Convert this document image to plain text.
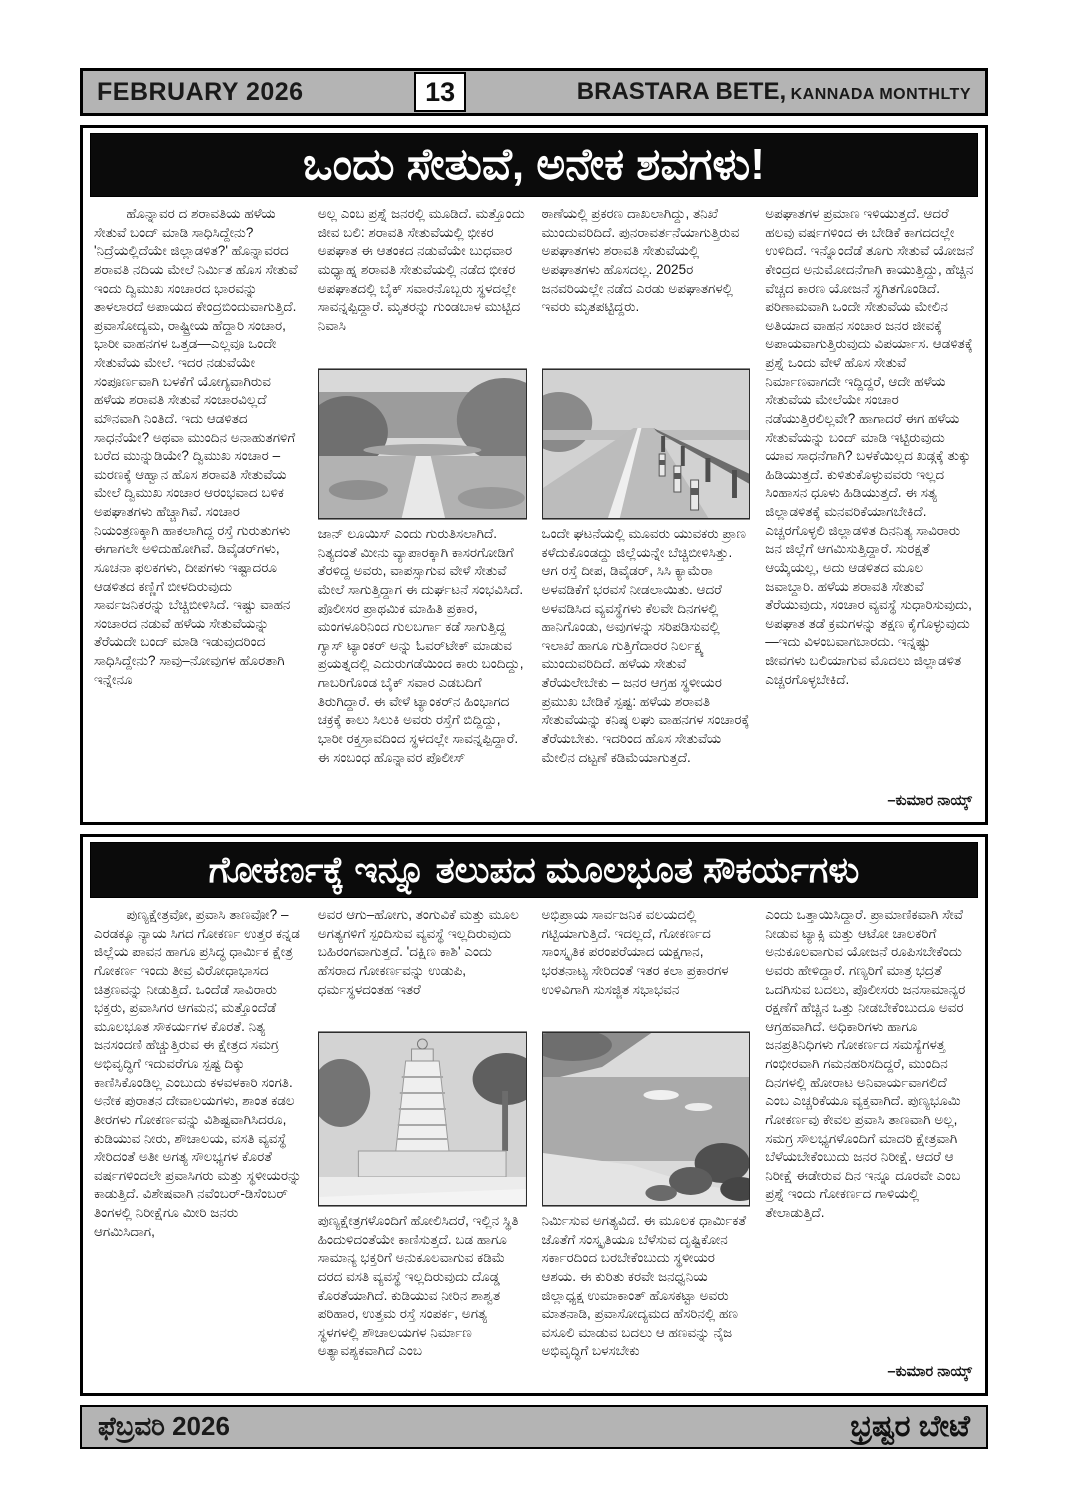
FEBRUARY 2026	13	BRASTARA BETE, KANNADA MONTHLTY
ಒಂದು ಸೇತುವೆ, ಅನೇಕ ಶವಗಳು!
ಹೊನ್ನಾವರ ದ ಶರಾವತಿಯ ಹಳೆಯ ಸೇತುವೆ ಬಂದ್ ಮಾಡಿ ಸಾಧಿಸಿದ್ದೇನು? 'ನಿದ್ರೆಯಲ್ಲಿದೆಯೇ ಜಿಲ್ಲಾಡಳಿತ?' ಹೊನ್ನಾವರದ ಶರಾವತಿ ನದಿಯ ಮೇಲೆ ನಿರ್ಮಿತ ಹೊಸ ಸೇತುವೆ ಇಂದು ದ್ವಿಮುಖ ಸಂಚಾರದ ಭಾರವನ್ನು ತಾಳಲಾರದೆ ಅಪಾಯದ ಕೇಂದ್ರಬಿಂದುವಾಗುತ್ತಿದೆ. ಪ್ರವಾಸೋದ್ಯಮ, ರಾಷ್ಟ್ರೀಯ ಹೆದ್ದಾರಿ ಸಂಚಾರ, ಭಾರೀ ವಾಹನಗಳ ಒತ್ತಡ—ಎಲ್ಲವೂ ಒಂದೇ ಸೇತುವೆಯ ಮೇಲೆ. ಇದರ ನಡುವೆಯೇ ಸಂಪೂರ್ಣವಾಗಿ ಬಳಕೆಗೆ ಯೋಗ್ಯವಾಗಿರುವ ಹಳೆಯ ಶರಾವತಿ ಸೇತುವೆ ಸಂಚಾರವಿಲ್ಲದೆ ಮೌನವಾಗಿ ನಿಂತಿದೆ. ಇದು ಆಡಳಿತದ ಸಾಧನೆಯೇ? ಅಥವಾ ಮುಂದಿನ ಅನಾಹುತಗಳಿಗೆ ಬರೆದ ಮುನ್ನುಡಿಯೇ? ದ್ವಿಮುಖ ಸಂಚಾರ – ಮರಣಕ್ಕೆ ಆಹ್ವಾನ ಹೊಸ ಶರಾವತಿ ಸೇತುವೆಯ ಮೇಲೆ ದ್ವಿಮುಖ ಸಂಚಾರ ಆರಂಭವಾದ ಬಳಿಕ ಅಪಘಾತಗಳು ಹೆಚ್ಚಾಗಿವೆ. ಸಂಚಾರ ನಿಯಂತ್ರಣಕ್ಕಾಗಿ ಹಾಕಲಾಗಿದ್ದ ರಸ್ತೆ ಗುರುತುಗಳು ಈಗಾಗಲೇ ಅಳಿದುಹೋಗಿವೆ. ಡಿವೈಡರ್‌ಗಳು, ಸೂಚನಾ ಫಲಕಗಳು, ದೀಪಗಳು ಇಷ್ಟಾದರೂ ಆಡಳಿತದ ಕಣ್ಣಿಗೆ ಬೀಳದಿರುವುದು ಸಾರ್ವಜನಿಕರನ್ನು ಬೆಚ್ಚಿಬೀಳಿಸಿದೆ. ಇಷ್ಟು ವಾಹನ ಸಂಚಾರದ ನಡುವೆ ಹಳೆಯ ಸೇತುವೆಯನ್ನು ತೆರೆಯದೇ ಬಂದ್ ಮಾಡಿ ಇಡುವುದರಿಂದ ಸಾಧಿಸಿದ್ದೇನು? ಸಾವು–ನೋವುಗಳ ಹೊರತಾಗಿ ಇನ್ನೇನೂ
ಅಲ್ಲ ಎಂಬ ಪ್ರಶ್ನೆ ಜನರಲ್ಲಿ ಮೂಡಿದೆ. ಮತ್ತೊಂದು ಜೀವ ಬಲಿ: ಶರಾವತಿ ಸೇತುವೆಯಲ್ಲಿ ಭೀಕರ ಅಪಘಾತ ಈ ಆತಂಕದ ನಡುವೆಯೇ ಬುಧವಾರ ಮಧ್ಯಾಹ್ನ ಶರಾವತಿ ಸೇತುವೆಯಲ್ಲಿ ನಡೆದ ಭೀಕರ ಅಪಘಾತದಲ್ಲಿ ಬೈಕ್ ಸವಾರನೊಬ್ಬರು ಸ್ಥಳದಲ್ಲೇ ಸಾವನ್ನಪ್ಪಿದ್ದಾರೆ. ಮೃತರನ್ನು ಗುಂಡಬಾಳ ಮುಟ್ಟಿದ ನಿವಾಸಿ
ಜಾನ್ ಲೂಯಿಸ್ ಎಂದು ಗುರುತಿಸಲಾಗಿದೆ. ನಿತ್ಯದಂತೆ ಮೀನು ವ್ಯಾಪಾರಕ್ಕಾಗಿ ಕಾಸರಗೋಡಿಗೆ ತೆರಳಿದ್ದ ಅವರು, ವಾಪಸ್ಸಾಗುವ ವೇಳೆ ಸೇತುವೆ ಮೇಲೆ ಸಾಗುತ್ತಿದ್ದಾಗ ಈ ದುರ್ಘಟನೆ ಸಂಭವಿಸಿದೆ. ಪೊಲೀಸರ ಪ್ರಾಥಮಿಕ ಮಾಹಿತಿ ಪ್ರಕಾರ, ಮಂಗಳೂರಿನಿಂದ ಗುಲಬರ್ಗಾ ಕಡೆ ಸಾಗುತ್ತಿದ್ದ ಗ್ಯಾಸ್ ಟ್ಯಾಂಕರ್ ಅನ್ನು ಓವರ್‌ಟೇಕ್ ಮಾಡುವ ಪ್ರಯತ್ನದಲ್ಲಿ ಎದುರುಗಡೆಯಿಂದ ಕಾರು ಬಂದಿದ್ದು, ಗಾಬರಿಗೊಂಡ ಬೈಕ್ ಸವಾರ ಎಡಬದಿಗೆ ತಿರುಗಿದ್ದಾರೆ. ಈ ವೇಳೆ ಟ್ಯಾಂಕರ್‌ನ ಹಿಂಭಾಗದ ಚಕ್ರಕ್ಕೆ ಕಾಲು ಸಿಲುಕಿ ಅವರು ರಸ್ತೆಗೆ ಬಿದ್ದಿದ್ದು, ಭಾರೀ ರಕ್ತಸ್ರಾವದಿಂದ ಸ್ಥಳದಲ್ಲೇ ಸಾವನ್ನಪ್ಪಿದ್ದಾರೆ. ಈ ಸಂಬಂಧ ಹೊನ್ನಾವರ ಪೊಲೀಸ್
ಠಾಣೆಯಲ್ಲಿ ಪ್ರಕರಣ ದಾಖಲಾಗಿದ್ದು, ತನಿಖೆ ಮುಂದುವರಿದಿದೆ. ಪುನರಾವರ್ತನೆಯಾಗುತ್ತಿರುವ ಅಪಘಾತಗಳು ಶರಾವತಿ ಸೇತುವೆಯಲ್ಲಿ ಅಪಘಾತಗಳು ಹೊಸದಲ್ಲ. 2025ರ ಜನವರಿಯಲ್ಲೇ ನಡೆದ ಎರಡು ಅಪಘಾತಗಳಲ್ಲಿ ಇವರು ಮೃತಪಟ್ಟಿದ್ದರು.
ಒಂದೇ ಘಟನೆಯಲ್ಲಿ ಮೂವರು ಯುವಕರು ಪ್ರಾಣ ಕಳೆದುಕೊಂಡದ್ದು ಜಿಲ್ಲೆಯನ್ನೇ ಬೆಚ್ಚಿಬೀಳಿಸಿತ್ತು. ಆಗ ರಸ್ತೆ ದೀಪ, ಡಿವೈಡರ್, ಸಿಸಿ ಕ್ಯಾಮೆರಾ ಅಳವಡಿಕೆಗೆ ಭರವಸೆ ನೀಡಲಾಯಿತು. ಆದರೆ ಅಳವಡಿಸಿದ ವ್ಯವಸ್ಥೆಗಳು ಕೆಲವೇ ದಿನಗಳಲ್ಲಿ ಹಾನಿಗೊಂಡು, ಅವುಗಳನ್ನು ಸರಿಪಡಿಸುವಲ್ಲಿ ಇಲಾಖೆ ಹಾಗೂ ಗುತ್ತಿಗೆದಾರರ ನಿರ್ಲಕ್ಷ್ಯ ಮುಂದುವರಿದಿದೆ. ಹಳೆಯ ಸೇತುವೆ ತೆರೆಯಲೇಬೇಕು – ಜನರ ಆಗ್ರಹ ಸ್ಥಳೀಯರ ಪ್ರಮುಖ ಬೇಡಿಕೆ ಸ್ಪಷ್ಟ: ಹಳೆಯ ಶರಾವತಿ ಸೇತುವೆಯನ್ನು ಕನಿಷ್ಠ ಲಘು ವಾಹನಗಳ ಸಂಚಾರಕ್ಕೆ ತೆರೆಯಬೇಕು. ಇದರಿಂದ ಹೊಸ ಸೇತುವೆಯ ಮೇಲಿನ ದಟ್ಟಣೆ ಕಡಿಮೆಯಾಗುತ್ತದೆ.
ಅಪಘಾತಗಳ ಪ್ರಮಾಣ ಇಳಿಯುತ್ತದೆ. ಆದರೆ ಹಲವು ವರ್ಷಗಳಿಂದ ಈ ಬೇಡಿಕೆ ಕಾಗದದಲ್ಲೇ ಉಳಿದಿದೆ. ಇನ್ನೊಂದೆಡೆ ತೂಗು ಸೇತುವೆ ಯೋಜನೆ ಕೇಂದ್ರದ ಅನುಮೋದನೆಗಾಗಿ ಕಾಯುತ್ತಿದ್ದು, ಹೆಚ್ಚಿನ ವೆಚ್ಚದ ಕಾರಣ ಯೋಜನೆ ಸ್ಥಗಿತಗೊಂಡಿದೆ. ಪರಿಣಾಮವಾಗಿ ಒಂದೇ ಸೇತುವೆಯ ಮೇಲಿನ ಅತಿಯಾದ ವಾಹನ ಸಂಚಾರ ಜನರ ಜೀವಕ್ಕೆ ಅಪಾಯವಾಗುತ್ತಿರುವುದು ವಿಪರ್ಯಾಸ. ಆಡಳಿತಕ್ಕೆ ಪ್ರಶ್ನೆ ಒಂದು ವೇಳೆ ಹೊಸ ಸೇತುವೆ ನಿರ್ಮಾಣವಾಗದೇ ಇದ್ದಿದ್ದರೆ, ಆದೇ ಹಳೆಯ ಸೇತುವೆಯ ಮೇಲೆಯೇ ಸಂಚಾರ ನಡೆಯುತ್ತಿರಲಿಲ್ಲವೇ? ಹಾಗಾದರೆ ಈಗ ಹಳೆಯ ಸೇತುವೆಯನ್ನು ಬಂದ್ ಮಾಡಿ ಇಟ್ಟಿರುವುದು ಯಾವ ಸಾಧನೆಗಾಗಿ? ಬಳಕೆಯಿಲ್ಲದ ಖಡ್ಗಕ್ಕೆ ತುಕ್ಕು ಹಿಡಿಯುತ್ತದೆ. ಕುಳಿತುಕೊಳ್ಳುವವರು ಇಲ್ಲದ ಸಿಂಹಾಸನ ಧೂಳು ಹಿಡಿಯುತ್ತದೆ. ಈ ಸತ್ಯ ಜಿಲ್ಲಾಡಳಿತಕ್ಕೆ ಮನವರಿಕೆಯಾಗಬೇಕಿದೆ. ಎಚ್ಚರಗೊಳ್ಳಲಿ ಜಿಲ್ಲಾಡಳಿತ ದಿನನಿತ್ಯ ಸಾವಿರಾರು ಜನ ಜಿಲ್ಲೆಗೆ ಆಗಮಿಸುತ್ತಿದ್ದಾರೆ. ಸುರಕ್ಷತೆ ಆಯ್ಕೆಯಲ್ಲ, ಅದು ಆಡಳಿತದ ಮೂಲ ಜವಾಬ್ದಾರಿ. ಹಳೆಯ ಶರಾವತಿ ಸೇತುವೆ ತೆರೆಯುವುದು, ಸಂಚಾರ ವ್ಯವಸ್ಥೆ ಸುಧಾರಿಸುವುದು, ಅಪಘಾತ ತಡೆ ಕ್ರಮಗಳನ್ನು ತಕ್ಷಣ ಕೈಗೊಳ್ಳುವುದು—ಇದು ವಿಳಂಬವಾಗಬಾರದು. ಇನ್ನಷ್ಟು ಜೀವಗಳು ಬಲಿಯಾಗುವ ಮೊದಲು ಜಿಲ್ಲಾಡಳಿತ ಎಚ್ಚರಗೊಳ್ಳಬೇಕಿದೆ.
–ಕುಮಾರ ನಾಯ್ಕ್
ಗೋಕರ್ಣಕ್ಕೆ ಇನ್ನೂ ತಲುಪದ ಮೂಲಭೂತ ಸೌಕರ್ಯಗಳು
ಪುಣ್ಯಕ್ಷೇತ್ರವೋ, ಪ್ರವಾಸಿ ತಾಣವೋ? – ಎರಡಕ್ಕೂ ನ್ಯಾಯ ಸಿಗದ ಗೋಕರ್ಣ ಉತ್ತರ ಕನ್ನಡ ಜಿಲ್ಲೆಯ ಪಾವನ ಹಾಗೂ ಪ್ರಸಿದ್ಧ ಧಾರ್ಮಿಕ ಕ್ಷೇತ್ರ ಗೋಕರ್ಣ ಇಂದು ತೀವ್ರ ವಿರೋಧಾಭಾಸದ ಚಿತ್ರಣವನ್ನು ನೀಡುತ್ತಿದೆ. ಒಂದೆಡೆ ಸಾವಿರಾರು ಭಕ್ತರು, ಪ್ರವಾಸಿಗರ ಆಗಮನ; ಮತ್ತೊಂದೆಡೆ ಮೂಲಭೂತ ಸೌಕರ್ಯಗಳ ಕೊರತೆ. ನಿತ್ಯ ಜನಸಂದಣಿ ಹೆಚ್ಚುತ್ತಿರುವ ಈ ಕ್ಷೇತ್ರದ ಸಮಗ್ರ ಅಭಿವೃದ್ಧಿಗೆ ಇದುವರೆಗೂ ಸ್ಪಷ್ಟ ದಿಕ್ಕು ಕಾಣಿಸಿಕೊಂಡಿಲ್ಲ ಎಂಬುದು ಕಳವಳಕಾರಿ ಸಂಗತಿ. ಅನೇಕ ಪುರಾತನ ದೇವಾಲಯಗಳು, ಶಾಂತ ಕಡಲ ತೀರಗಳು ಗೋಕರ್ಣವನ್ನು ವಿಶಿಷ್ಟವಾಗಿಸಿದರೂ, ಕುಡಿಯುವ ನೀರು, ಶೌಚಾಲಯ, ವಸತಿ ವ್ಯವಸ್ಥೆ ಸೇರಿದಂತೆ ಅತೀ ಅಗತ್ಯ ಸೌಲಭ್ಯಗಳ ಕೊರತೆ ವರ್ಷಗಳಿಂದಲೇ ಪ್ರವಾಸಿಗರು ಮತ್ತು ಸ್ಥಳೀಯರನ್ನು ಕಾಡುತ್ತಿದೆ. ವಿಶೇಷವಾಗಿ ನವೆಂಬರ್-ಡಿಸೆಂಬರ್ ತಿಂಗಳಲ್ಲಿ ನಿರೀಕ್ಷೆಗೂ ಮೀರಿ ಜನರು ಆಗಮಿಸಿದಾಗ,
ಅವರ ಆಗು–ಹೋಗು, ತಂಗುವಿಕೆ ಮತ್ತು ಮೂಲ ಅಗತ್ಯಗಳಿಗೆ ಸ್ಪಂದಿಸುವ ವ್ಯವಸ್ಥೆ ಇಲ್ಲದಿರುವುದು ಬಹಿರಂಗವಾಗುತ್ತದೆ. 'ದಕ್ಷಿಣ ಕಾಶಿ' ಎಂದು ಹೆಸರಾದ ಗೋಕರ್ಣವನ್ನು ಉಡುಪಿ, ಧರ್ಮಸ್ಥಳದಂತಹ ಇತರೆ
ಪುಣ್ಯಕ್ಷೇತ್ರಗಳೊಂದಿಗೆ ಹೋಲಿಸಿದರೆ, ಇಲ್ಲಿನ ಸ್ಥಿತಿ ಹಿಂದುಳಿದಂತೆಯೇ ಕಾಣಿಸುತ್ತದೆ. ಬಡ ಹಾಗೂ ಸಾಮಾನ್ಯ ಭಕ್ತರಿಗೆ ಅನುಕೂಲವಾಗುವ ಕಡಿಮೆ ದರದ ವಸತಿ ವ್ಯವಸ್ಥೆ ಇಲ್ಲದಿರುವುದು ದೊಡ್ಡ ಕೊರತೆಯಾಗಿದೆ. ಕುಡಿಯುವ ನೀರಿನ ಶಾಶ್ವತ ಪರಿಹಾರ, ಉತ್ತಮ ರಸ್ತೆ ಸಂಪರ್ಕ, ಅಗತ್ಯ ಸ್ಥಳಗಳಲ್ಲಿ ಶೌಚಾಲಯಗಳ ನಿರ್ಮಾಣ ಅತ್ಯಾವಶ್ಯಕವಾಗಿದೆ ಎಂಬ
ಅಭಿಪ್ರಾಯ ಸಾರ್ವಜನಿಕ ವಲಯದಲ್ಲಿ ಗಟ್ಟಿಯಾಗುತ್ತಿದೆ. ಇದಲ್ಲದೆ, ಗೋಕರ್ಣದ ಸಾಂಸ್ಕೃತಿಕ ಪರಂಪರೆಯಾದ ಯಕ್ಷಗಾನ, ಭರತನಾಟ್ಯ ಸೇರಿದಂತೆ ಇತರ ಕಲಾ ಪ್ರಕಾರಗಳ ಉಳಿವಿಗಾಗಿ ಸುಸಜ್ಜಿತ ಸಭಾಭವನ
ನಿರ್ಮಿಸುವ ಅಗತ್ಯವಿದೆ. ಈ ಮೂಲಕ ಧಾರ್ಮಿಕತೆ ಜೊತೆಗೆ ಸಂಸ್ಕೃತಿಯೂ ಬೆಳೆಸುವ ದೃಷ್ಟಿಕೋನ ಸರ್ಕಾರದಿಂದ ಬರಬೇಕೆಂಬುದು ಸ್ಥಳೀಯರ ಆಶಯ. ಈ ಕುರಿತು ಕರವೇ ಜನಧ್ವನಿಯ ಜಿಲ್ಲಾಧ್ಯಕ್ಷ ಉಮಾಕಾಂತ್ ಹೊಸಕಟ್ಟಾ ಅವರು ಮಾತನಾಡಿ, ಪ್ರವಾಸೋದ್ಯಮದ ಹೆಸರಿನಲ್ಲಿ ಹಣ ವಸೂಲಿ ಮಾಡುವ ಬದಲು ಆ ಹಣವನ್ನು ನೈಜ ಅಭಿವೃದ್ಧಿಗೆ ಬಳಸಬೇಕು
ಎಂದು ಒತ್ತಾಯಿಸಿದ್ದಾರೆ. ಪ್ರಾಮಾಣಿಕವಾಗಿ ಸೇವೆ ನೀಡುವ ಟ್ಯಾಕ್ಸಿ ಮತ್ತು ಆಟೋ ಚಾಲಕರಿಗೆ ಅನುಕೂಲವಾಗುವ ಯೋಜನೆ ರೂಪಿಸಬೇಕೆಂದು ಅವರು ಹೇಳಿದ್ದಾರೆ. ಗಣ್ಯರಿಗೆ ಮಾತ್ರ ಭದ್ರತೆ ಒದಗಿಸುವ ಬದಲು, ಪೊಲೀಸರು ಜನಸಾಮಾನ್ಯರ ರಕ್ಷಣೆಗೆ ಹೆಚ್ಚಿನ ಒತ್ತು ನೀಡಬೇಕೆಂಬುದೂ ಅವರ ಆಗ್ರಹವಾಗಿದೆ. ಅಧಿಕಾರಿಗಳು ಹಾಗೂ ಜನಪ್ರತಿನಿಧಿಗಳು ಗೋಕರ್ಣದ ಸಮಸ್ಯೆಗಳತ್ತ ಗಂಭೀರವಾಗಿ ಗಮನಹರಿಸದಿದ್ದರೆ, ಮುಂದಿನ ದಿನಗಳಲ್ಲಿ ಹೋರಾಟ ಅನಿವಾರ್ಯವಾಗಲಿದೆ ಎಂಬ ಎಚ್ಚರಿಕೆಯೂ ವ್ಯಕ್ತವಾಗಿದೆ. ಪುಣ್ಯಭೂಮಿ ಗೋಕರ್ಣವು ಕೇವಲ ಪ್ರವಾಸಿ ತಾಣವಾಗಿ ಅಲ್ಲ, ಸಮಗ್ರ ಸೌಲಭ್ಯಗಳೊಂದಿಗೆ ಮಾದರಿ ಕ್ಷೇತ್ರವಾಗಿ ಬೆಳೆಯಬೇಕೆಂಬುದು ಜನರ ನಿರೀಕ್ಷೆ. ಆದರೆ ಆ ನಿರೀಕ್ಷೆ ಈಡೇರುವ ದಿನ ಇನ್ನೂ ದೂರವೇ ಎಂಬ ಪ್ರಶ್ನೆ ಇಂದು ಗೋಕರ್ಣದ ಗಾಳಿಯಲ್ಲಿ ತೇಲಾಡುತ್ತಿದೆ.
–ಕುಮಾರ ನಾಯ್ಕ್
ಫೆಬ್ರವರಿ 2026	ಭ್ರಷ್ಟರ ಬೇಟೆ
